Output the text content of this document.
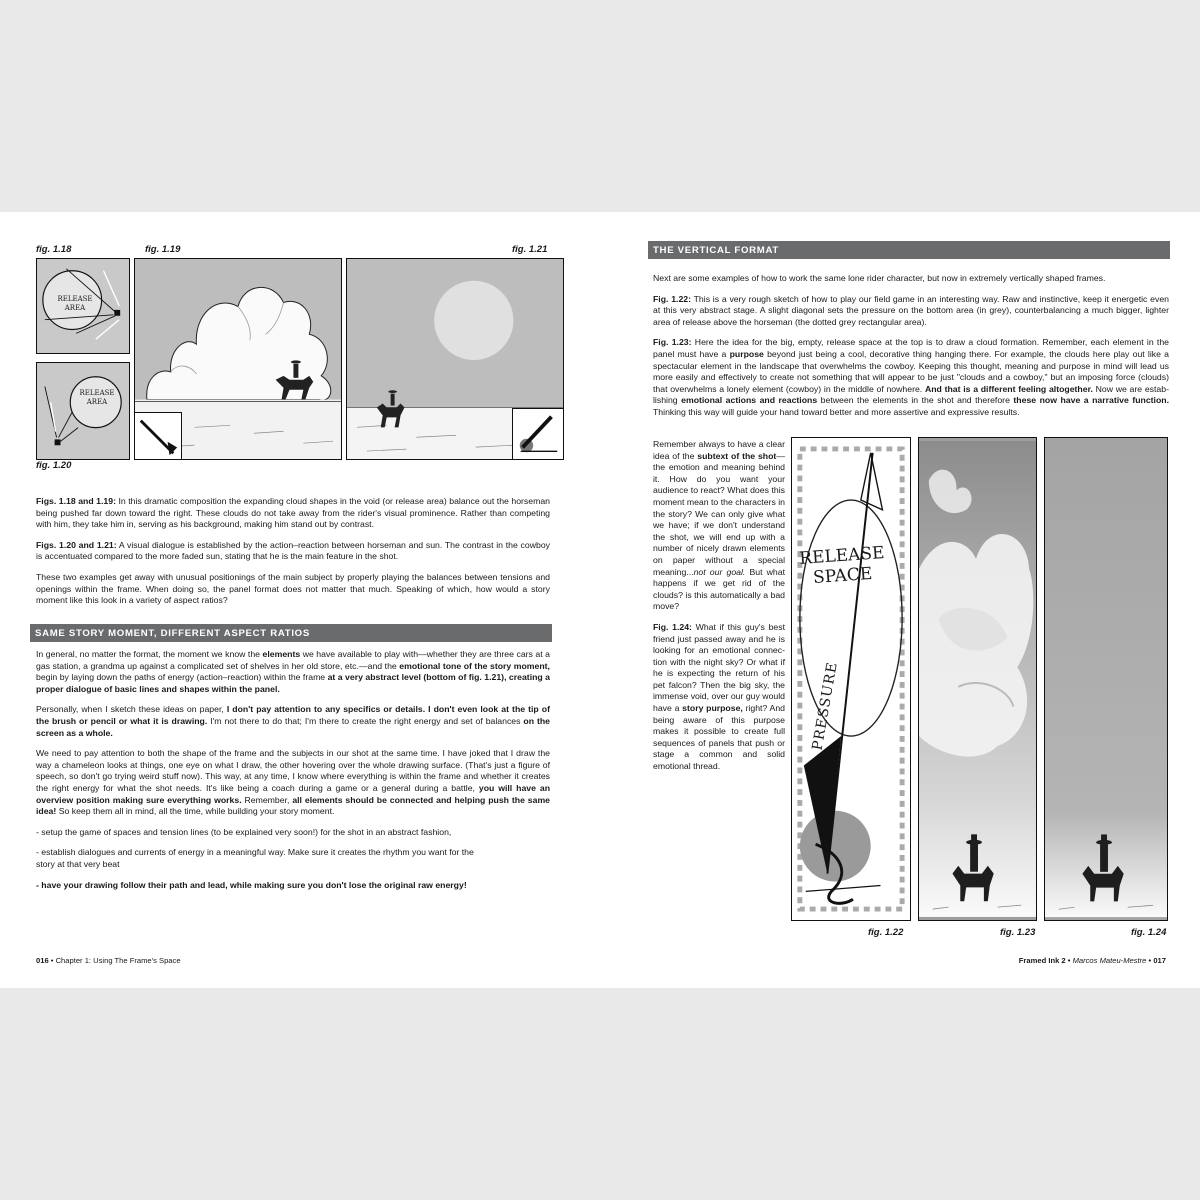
fig. 1.18	fig. 1.19	fig. 1.21
RELEASE AREA
RELEASE AREA
fig. 1.20

Figs. 1.18 and 1.19: In this dramatic composition the expanding cloud shapes in the void (or release area) balance out the horseman being pushed far down toward the right. These clouds do not take away from the rider's visual prominence. Rather than competing with him, they take him in, serving as his background, making him stand out by contrast.

Figs. 1.20 and 1.21: A visual dialogue is established by the action–reaction between horseman and sun. The contrast in the cowboy is accentuated compared to the more faded sun, stating that he is the main feature in the shot.

These two examples get away with unusual positionings of the main subject by properly playing the balances between tensions and openings within the frame. When doing so, the panel format does not matter that much. Speaking of which, how would a story moment like this look in a variety of aspect ratios?

SAME STORY MOMENT, DIFFERENT ASPECT RATIOS

In general, no matter the format, the moment we know the elements we have available to play with—whether they are three cars at a gas station, a grandma up against a complicated set of shelves in her old store, etc.—and the emotional tone of the story moment, begin by laying down the paths of energy (action–reaction) within the frame at a very abstract level (bottom of fig. 1.21), creating a proper dialogue of basic lines and shapes within the panel.

Personally, when I sketch these ideas on paper, I don't pay attention to any specifics or details. I don't even look at the tip of the brush or pencil or what it is drawing. I'm not there to do that; I'm there to create the right energy and set of balances on the screen as a whole.

We need to pay attention to both the shape of the frame and the subjects in our shot at the same time. I have joked that I draw the way a chameleon looks at things, one eye on what I draw, the other hovering over the whole drawing surface. (That's just a figure of speech, so don't go trying weird stuff now). This way, at any time, I know where everything is within the frame and whether it creates the right energy for what the shot needs. It's like being a coach during a game or a general during a battle, you will have an overview position making sure everything works. Remember, all elements should be connected and helping push the same idea! So keep them all in mind, all the time, while building your story moment.

- setup the game of spaces and tension lines (to be explained very soon!) for the shot in an abstract fashion,

- establish dialogues and currents of energy in a meaningful way. Make sure it creates the rhythm you want for the story at that very beat

- have your drawing follow their path and lead, while making sure you don't lose the original raw energy!

016 • Chapter 1: Using The Frame's Space
THE VERTICAL FORMAT

Next are some examples of how to work the same lone rider character, but now in extremely vertically shaped frames.

Fig. 1.22: This is a very rough sketch of how to play our field game in an interesting way. Raw and instinctive, keep it energetic even at this very abstract stage. A slight diagonal sets the pressure on the bottom area (in grey), counterbalancing a much bigger, lighter area of release above the horseman (the dotted grey rectangular area).

Fig. 1.23: Here the idea for the big, empty, release space at the top is to draw a cloud formation. Remember, each element in the panel must have a purpose beyond just being a cool, decorative thing hanging there. For example, the clouds here play out like a spectacular element in the landscape that overwhelms the cowboy. Keeping this thought, meaning and purpose in mind will lead us more easily and effectively to create not something that will appear to be just "clouds and a cowboy," but an imposing force (clouds) that overwhelms a lonely element (cowboy) in the middle of nowhere. And that is a different feeling altogether. Now we are establishing emotional actions and reactions between the elements in the shot and therefore these now have a narrative function. Thinking this way will guide your hand toward better and more assertive and expressive results.

Remember always to have a clear idea of the subtext of the shot—the emotion and meaning behind it. How do you want your audience to react? What does this moment mean to the characters in the story? We can only give what we have; if we don't understand the shot, we will end up with a number of nicely drawn elements on paper without a special meaning...not our goal. But what happens if we get rid of the clouds? is this automatically a bad move?

Fig. 1.24: What if this guy's best friend just passed away and he is looking for an emotional connection with the night sky? Or what if he is expecting the return of his pet falcon? Then the big sky, the immense void, over our guy would have a story purpose, right? And being aware of this purpose makes it possible to create full sequences of panels that push or stage a common and solid emotional thread.

RELEASE
SPACE
PRESSURE
fig. 1.22	fig. 1.23	fig. 1.24
Framed Ink 2 • Marcos Mateu-Mestre • 017
